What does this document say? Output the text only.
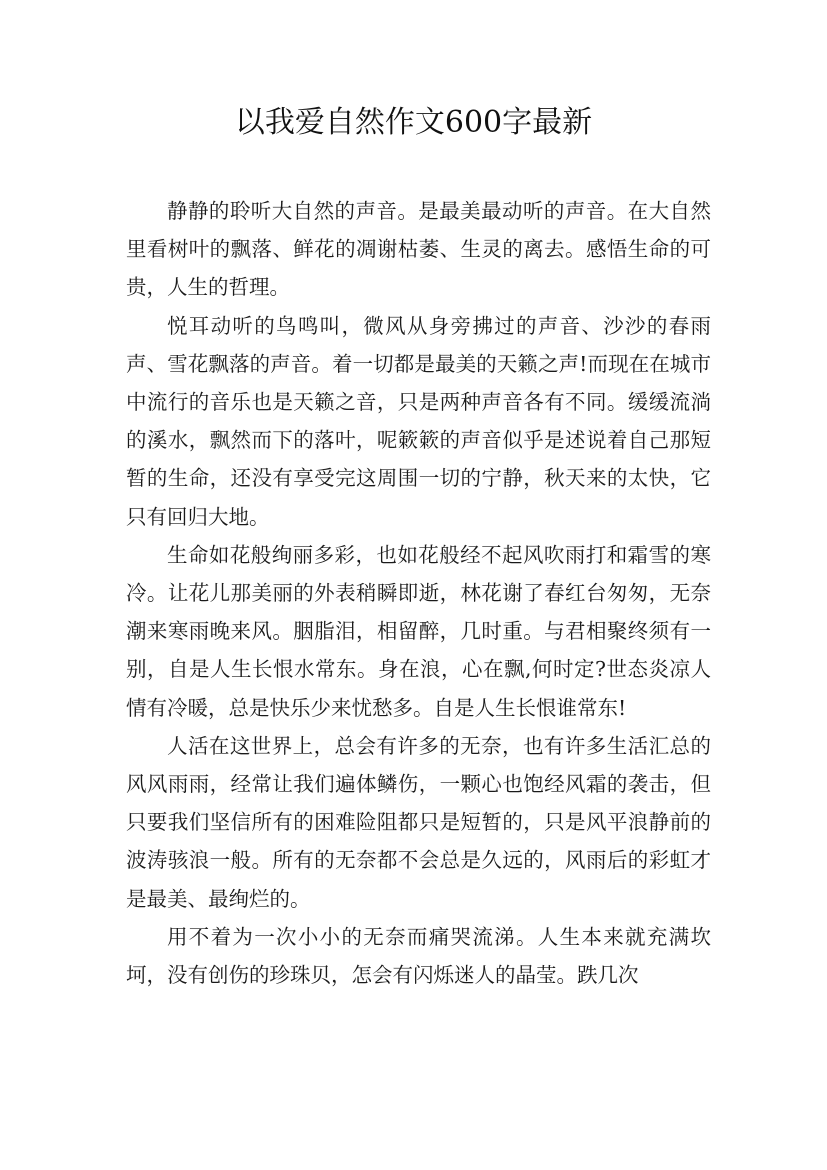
以我爱自然作文600字最新

静静的聆听大自然的声音。是最美最动听的声音。在大自然里看树叶的飘落、鲜花的凋谢枯萎、生灵的离去。感悟生命的可贵，人生的哲理。

悦耳动听的鸟鸣叫，微风从身旁拂过的声音、沙沙的春雨声、雪花飘落的声音。着一切都是最美的天籁之声!而现在在城市中流行的音乐也是天籁之音，只是两种声音各有不同。缓缓流淌的溪水，飘然而下的落叶，呢簌簌的声音似乎是述说着自己那短暂的生命，还没有享受完这周围一切的宁静，秋天来的太快，它只有回归大地。

生命如花般绚丽多彩，也如花般经不起风吹雨打和霜雪的寒冷。让花儿那美丽的外表稍瞬即逝，林花谢了春红台匆匆，无奈潮来寒雨晚来风。胭脂泪，相留醉，几时重。与君相聚终须有一别，自是人生长恨水常东。身在浪，心在飘,何时定?世态炎凉人情有冷暖，总是快乐少来忧愁多。自是人生长恨谁常东!

人活在这世界上，总会有许多的无奈，也有许多生活汇总的风风雨雨，经常让我们遍体鳞伤，一颗心也饱经风霜的袭击，但只要我们坚信所有的困难险阻都只是短暂的，只是风平浪静前的波涛骇浪一般。所有的无奈都不会总是久远的，风雨后的彩虹才是最美、最绚烂的。

用不着为一次小小的无奈而痛哭流涕。人生本来就充满坎坷，没有创伤的珍珠贝，怎会有闪烁迷人的晶莹。跌几次
